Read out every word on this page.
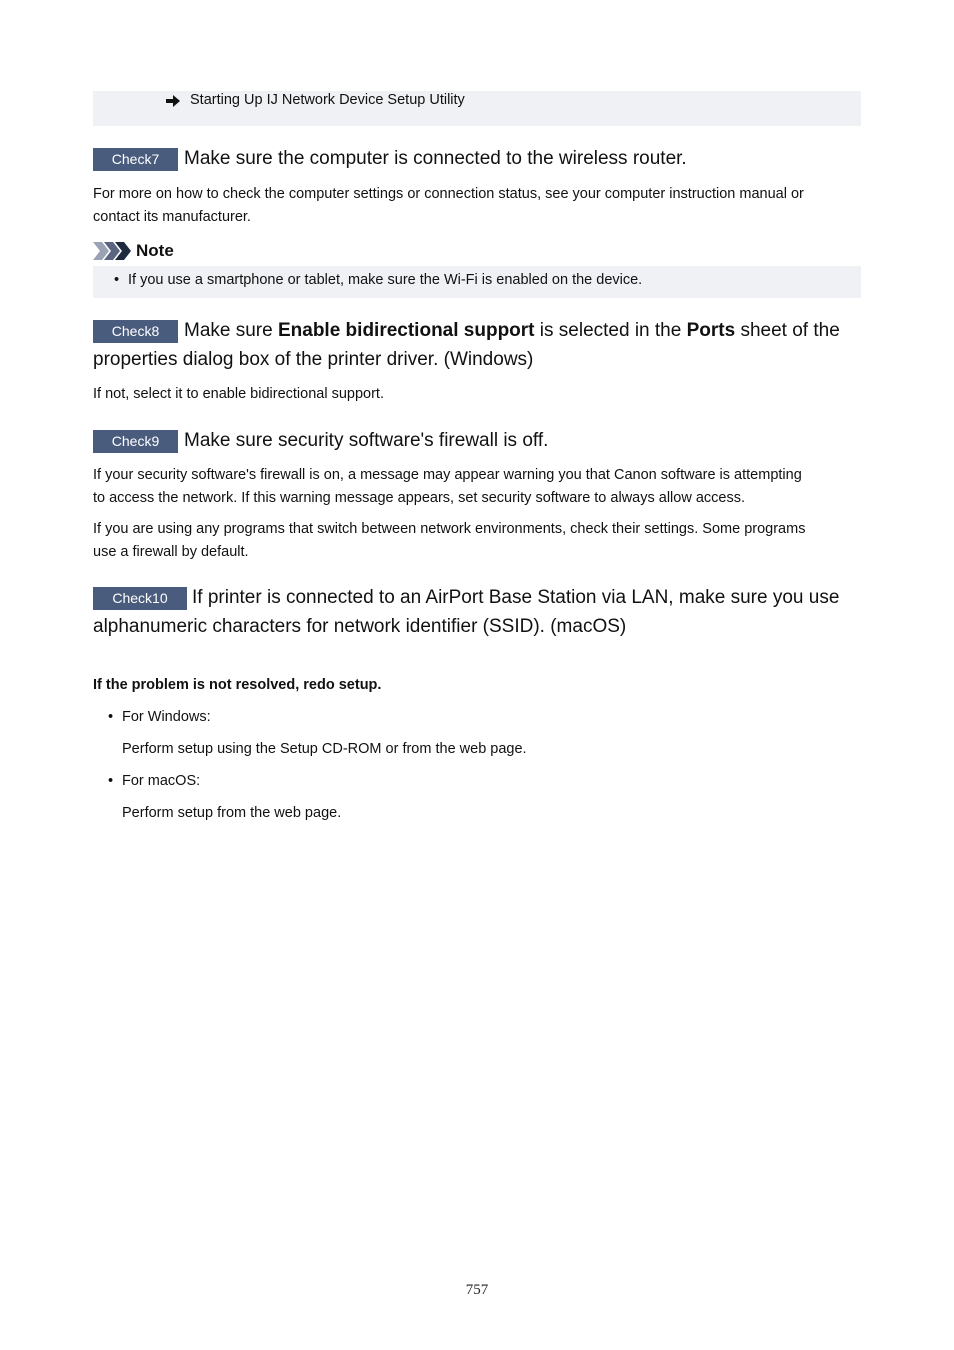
Starting Up IJ Network Device Setup Utility
Check7	Make sure the computer is connected to the wireless router.
For more on how to check the computer settings or connection status, see your computer instruction manual or
contact its manufacturer.
Note
• If you use a smartphone or tablet, make sure the Wi-Fi is enabled on the device.
Check8	Make sure Enable bidirectional support is selected in the Ports sheet of the
properties dialog box of the printer driver. (Windows)
If not, select it to enable bidirectional support.
Check9	Make sure security software's firewall is off.
If your security software's firewall is on, a message may appear warning you that Canon software is attempting
to access the network. If this warning message appears, set security software to always allow access.
If you are using any programs that switch between network environments, check their settings. Some programs
use a firewall by default.
Check10	If printer is connected to an AirPort Base Station via LAN, make sure you use
alphanumeric characters for network identifier (SSID). (macOS)
If the problem is not resolved, redo setup.
• For Windows:
Perform setup using the Setup CD-ROM or from the web page.
• For macOS:
Perform setup from the web page.
757
